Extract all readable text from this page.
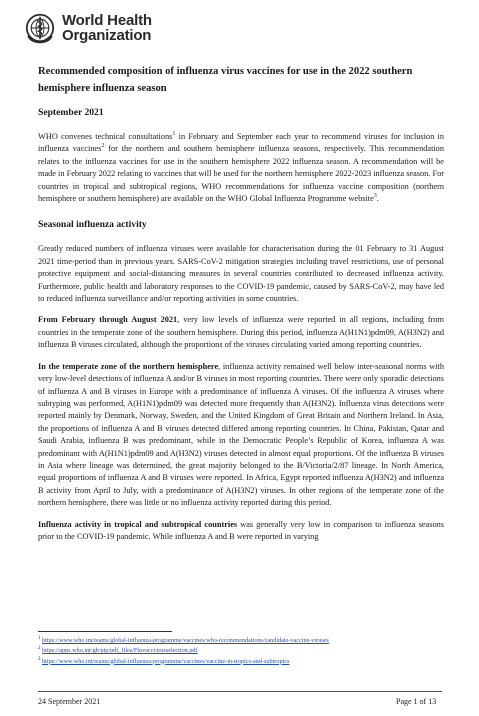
World Health
Organization
Recommended composition of influenza virus vaccines for use in the 2022 southern hemisphere influenza season
September 2021

WHO convenes technical consultations$^1$ in February and September each year to recommend viruses for inclusion in influenza vaccines$^2$ for the northern and southern hemisphere influenza seasons, respectively. This recommendation relates to the influenza vaccines for use in the southern hemisphere 2022 influenza season. A recommendation will be made in February 2022 relating to vaccines that will be used for the northern hemisphere 2022-2023 influenza season. For countries in tropical and subtropical regions, WHO recommendations for influenza vaccine composition (northern hemisphere or southern hemisphere) are available on the WHO Global Influenza Programme website$^3$.

Seasonal influenza activity

Greatly reduced numbers of influenza viruses were available for characterisation during the 01 February to 31 August 2021 time-period than in previous years. SARS-CoV-2 mitigation strategies including travel restrictions, use of personal protective equipment and social-distancing measures in several countries contributed to decreased influenza activity. Furthermore, public health and laboratory responses to the COVID-19 pandemic, caused by SARS-CoV-2, may have led to reduced influenza surveillance and/or reporting activities in some countries.

From February through August 2021, very low levels of influenza were reported in all regions, including from countries in the temperate zone of the southern hemisphere. During this period, influenza A(H1N1)pdm09, A(H3N2) and influenza B viruses circulated, although the proportions of the viruses circulating varied among reporting countries.

In the temperate zone of the northern hemisphere, influenza activity remained well below inter-seasonal norms with very low-level detections of influenza A and/or B viruses in most reporting countries. There were only sporadic detections of influenza A and B viruses in Europe with a predominance of influenza A viruses. Of the influenza A viruses where subtyping was performed, A(H1N1)pdm09 was detected more frequently than A(H3N2). Influenza virus detections were reported mainly by Denmark, Norway, Sweden, and the United Kingdom of Great Britain and Northern Ireland. In Asia, the proportions of influenza A and B viruses detected differed among reporting countries. In China, Pakistan, Qatar and Saudi Arabia, influenza B was predominant, while in the Democratic People’s Republic of Korea, influenza A was predominant with A(H1N1)pdm09 and A(H3N2) viruses detected in almost equal proportions. Of the influenza B viruses in Asia where lineage was determined, the great majority belonged to the B/Victoria/2/87 lineage. In North America, equal proportions of influenza A and B viruses were reported. In Africa, Egypt reported influenza A(H3N2) and influenza B activity from April to July, with a predominance of A(H3N2) viruses. In other regions of the temperate zone of the northern hemisphere, there was little or no influenza activity reported during this period.

Influenza activity in tropical and subtropical countries was generally very low in comparison to influenza seasons prior to the COVID-19 pandemic. While influenza A and B were reported in varying

$^1$ https://www.who.int/teams/global-influenza-programme/vaccines/who-recommendations/candidate-vaccine-viruses
$^2$ https://apps.who.int/gb/pip/pdf_files/Fluvaccvirusselection.pdf
$^3$ https://www.who.int/teams/global-influenza-programme/vaccines/vaccine-in-tropics-and-subtropics
24 September 2021	Page 1 of 13
